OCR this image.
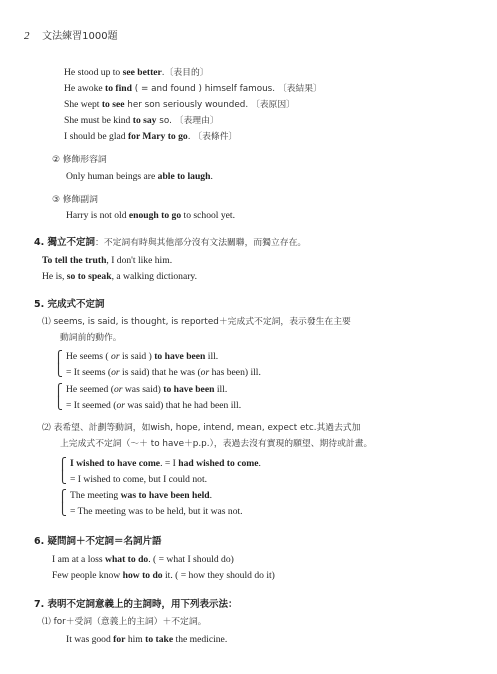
2 文法練習1000題
He stood up to see better.〔表目的〕
He awoke to find ( = and found ) himself famous. 〔表結果〕
She wept to see her son seriously wounded. 〔表原因〕
She must be kind to say so. 〔表理由〕
I should be glad for Mary to go. 〔表條件〕
② 修飾形容詞
Only human beings are able to laugh.
③ 修飾副詞
Harry is not old enough to go to school yet.
4. 獨立不定詞：不定詞有時與其他部分沒有文法關聯，而獨立存在。
To tell the truth, I don't like him.
He is, so to speak, a walking dictionary.
5. 完成式不定詞
⑴ seems, is said, is thought, is reported＋完成式不定詞，表示發生在主要
動詞前的動作。
⎧
⎩
He seems ( or is said ) to have been ill.
= It seems (or is said) that he was (or has been) ill.
⎧
⎩
He seemed (or was said) to have been ill.
= It seemed (or was said) that he had been ill.
⑵ 表希望、計劃等動詞，如wish, hope, intend, mean, expect etc.其過去式加
上完成式不定詞（～＋ to have＋p.p.），表過去沒有實現的願望、期待或計畫。
⎧
⎩
I wished to have come. = I had wished to come.
= I wished to come, but I could not.
⎧
⎩
The meeting was to have been held.
= The meeting was to be held, but it was not.
6. 疑問詞＋不定詞＝名詞片語
I am at a loss what to do. ( = what I should do)
Few people know how to do it. ( = how they should do it)
7. 表明不定詞意義上的主詞時，用下列表示法：
⑴ for＋受詞（意義上的主詞）＋不定詞。
It was good for him to take the medicine.
